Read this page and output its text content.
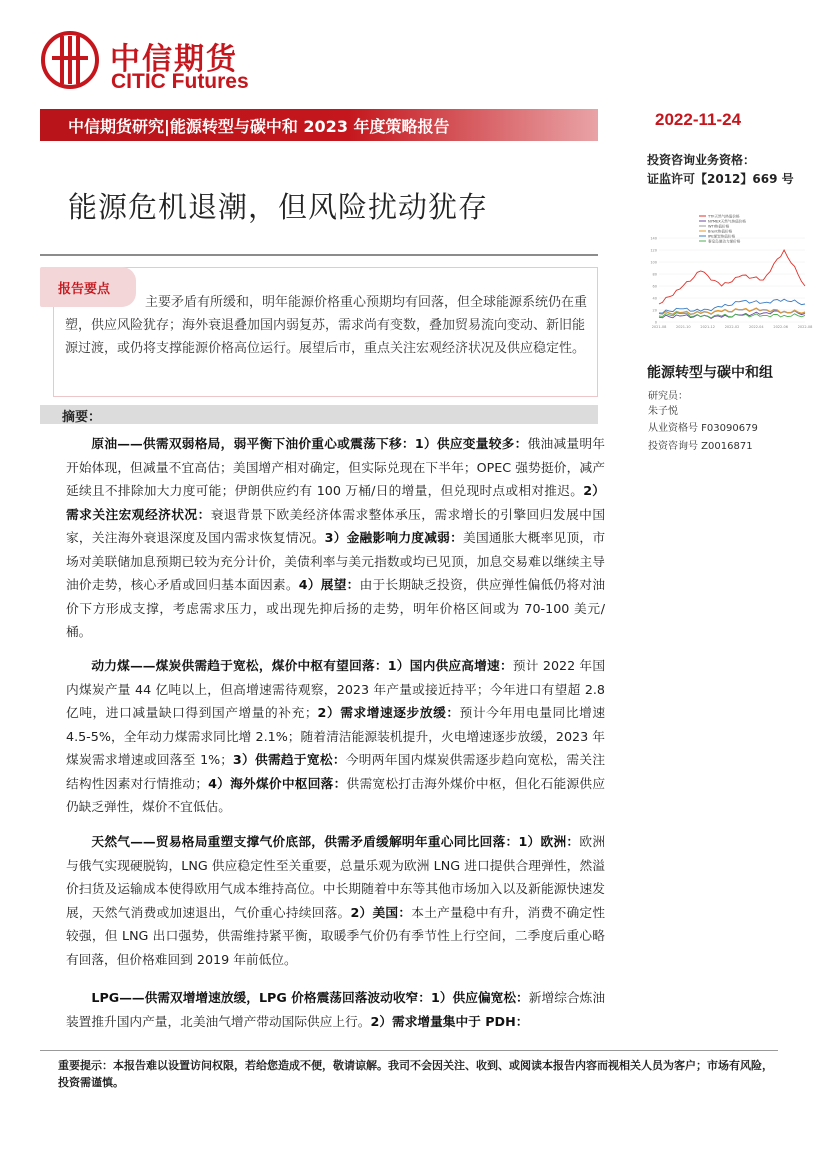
中信期货
CITIC Futures
中信期货研究|能源转型与碳中和 2023 年度策略报告	2022-11-24
投资咨询业务资格：
证监许可【2012】669 号
能源危机退潮，但风险扰动犹存	TTF天然气热值价格
NYMEX天然气热值价格
WTI热值价格
Brent热值价格
IPE煤炭热值价格
秦皇岛港动力煤价格
0
20
40
60
80
100
120
140
2021-08	2021-10	2021-12	2022-02	2022-04	2022-06	2022-08
能源转型与碳中和组
研究员：
朱子悦
从业资格号 F03090679
投资咨询号 Z0016871
报告要点
主要矛盾有所缓和，明年能源价格重心预期均有回落，但全球能源系统仍在重塑，供应风险犹存；海外衰退叠加国内弱复苏，需求尚有变数，叠加贸易流向变动、新旧能源过渡，或仍将支撑能源价格高位运行。展望后市，重点关注宏观经济状况及供应稳定性。
摘要：
原油——供需双弱格局，弱平衡下油价重心或震荡下移：1）供应变量较多：俄油减量明年开始体现，但减量不宜高估；美国增产相对确定，但实际兑现在下半年；OPEC 强势挺价，减产延续且不排除加大力度可能；伊朗供应约有 100 万桶/日的增量，但兑现时点或相对推迟。2）需求关注宏观经济状况：衰退背景下欧美经济体需求整体承压，需求增长的引擎回归发展中国家，关注海外衰退深度及国内需求恢复情况。3）金融影响力度减弱：美国通胀大概率见顶，市场对美联储加息预期已较为充分计价，美债利率与美元指数或均已见顶，加息交易难以继续主导油价走势，核心矛盾或回归基本面因素。4）展望：由于长期缺乏投资，供应弹性偏低仍将对油价下方形成支撑，考虑需求压力，或出现先抑后扬的走势，明年价格区间或为 70-100 美元/桶。
动力煤——煤炭供需趋于宽松，煤价中枢有望回落：1）国内供应高增速：预计 2022 年国内煤炭产量 44 亿吨以上，但高增速需待观察，2023 年产量或接近持平；今年进口有望超 2.8 亿吨，进口减量缺口得到国产增量的补充；2）需求增速逐步放缓：预计今年用电量同比增速 4.5-5%，全年动力煤需求同比增 2.1%；随着清洁能源装机提升，火电增速逐步放缓，2023 年煤炭需求增速或回落至 1%；3）供需趋于宽松：今明两年国内煤炭供需逐步趋向宽松，需关注结构性因素对行情推动；4）海外煤价中枢回落：供需宽松打击海外煤价中枢，但化石能源供应仍缺乏弹性，煤价不宜低估。
天然气——贸易格局重塑支撑气价底部，供需矛盾缓解明年重心同比回落：1）欧洲：欧洲与俄气实现硬脱钩，LNG 供应稳定性至关重要，总量乐观为欧洲 LNG 进口提供合理弹性，然溢价扫货及运输成本使得欧用气成本维持高位。中长期随着中东等其他市场加入以及新能源快速发展，天然气消费或加速退出，气价重心持续回落。2）美国：本土产量稳中有升，消费不确定性较强，但 LNG 出口强势，供需维持紧平衡，取暖季气价仍有季节性上行空间，二季度后重心略有回落，但价格难回到 2019 年前低位。
LPG——供需双增增速放缓，LPG 价格震荡回落波动收窄：1）供应偏宽松：新增综合炼油装置推升国内产量，北美油气增产带动国际供应上行。2）需求增量集中于 PDH：
重要提示：本报告难以设置访问权限，若给您造成不便，敬请谅解。我司不会因关注、收到、或阅读本报告内容而视相关人员为客户；市场有风险，投资需谨慎。
